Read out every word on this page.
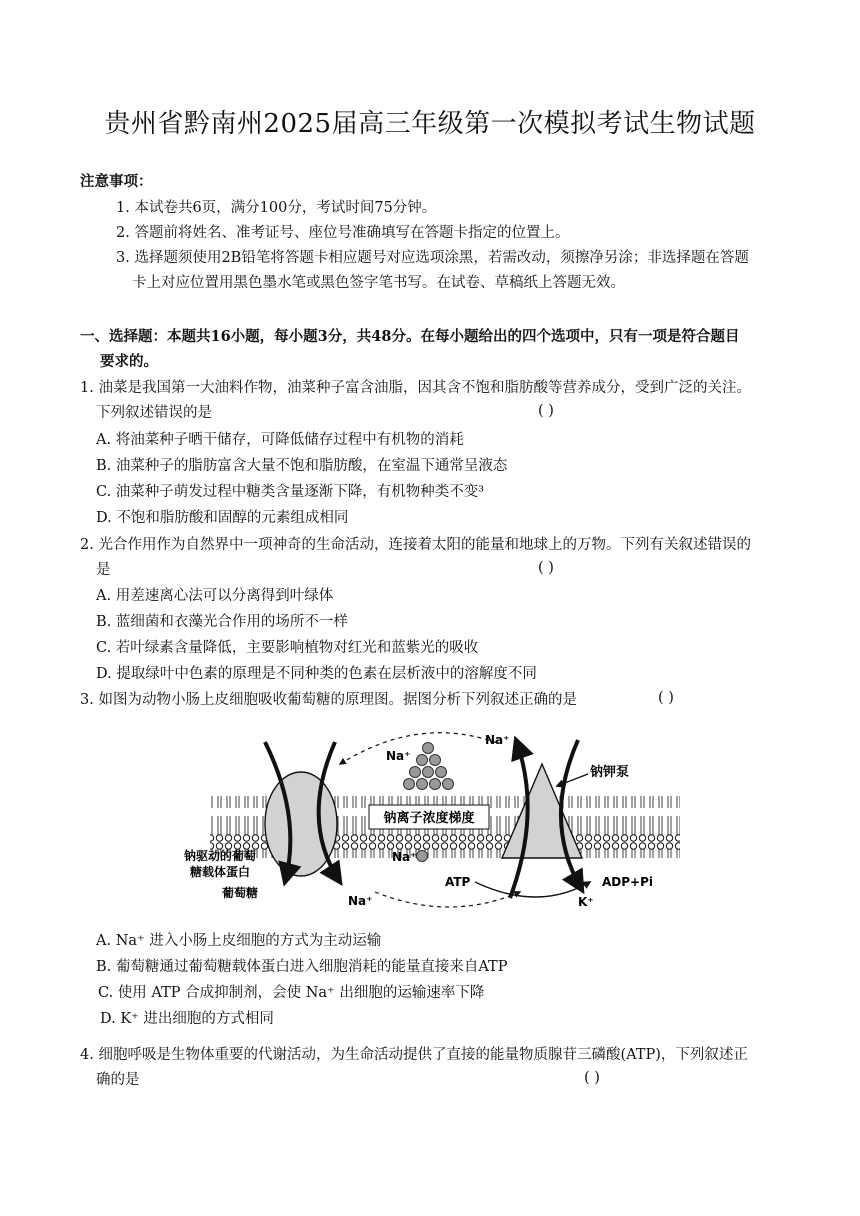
贵州省黔南州2025届高三年级第一次模拟考试生物试题
注意事项：
1. 本试卷共6页，满分100分，考试时间75分钟。
2. 答题前将姓名、准考证号、座位号准确填写在答题卡指定的位置上。
3. 选择题须使用2B铅笔将答题卡相应题号对应选项涂黑，若需改动，须擦净另涂；非选择题在答题
卡上对应位置用黑色墨水笔或黑色签字笔书写。在试卷、草稿纸上答题无效。
一、选择题：本题共16小题，每小题3分，共48分。在每小题给出的四个选项中，只有一项是符合题目
要求的。
1. 油菜是我国第一大油料作物，油菜种子富含油脂，因其含不饱和脂肪酸等营养成分，受到广泛的关注。
下列叙述错误的是	( )
A. 将油菜种子晒干储存，可降低储存过程中有机物的消耗
B. 油菜种子的脂肪富含大量不饱和脂肪酸，在室温下通常呈液态
C. 油菜种子萌发过程中糖类含量逐渐下降，有机物种类不变³
D. 不饱和脂肪酸和固醇的元素组成相同
2. 光合作用作为自然界中一项神奇的生命活动，连接着太阳的能量和地球上的万物。下列有关叙述错误的
是	( )
A. 用差速离心法可以分离得到叶绿体
B. 蓝细菌和衣藻光合作用的场所不一样
C. 若叶绿素含量降低，主要影响植物对红光和蓝紫光的吸收
D. 提取绿叶中色素的原理是不同种类的色素在层析液中的溶解度不同
3. 如图为动物小肠上皮细胞吸收葡萄糖的原理图。据图分析下列叙述正确的是	( )
钠离子浓度梯度
Na⁺
Na⁺
钠钾泵
Na⁺
钠驱动的葡萄
糖载体蛋白
葡萄糖
Na⁺
ATP	ADP+Pi
K⁺
A. Na⁺ 进入小肠上皮细胞的方式为主动运输
B. 葡萄糖通过葡萄糖载体蛋白进入细胞消耗的能量直接来自ATP
C. 使用 ATP 合成抑制剂，会使 Na⁺ 出细胞的运输速率下降
D. K⁺ 进出细胞的方式相同
4. 细胞呼吸是生物体重要的代谢活动，为生命活动提供了直接的能量物质腺苷三磷酸(ATP)，下列叙述正
确的是	( )
